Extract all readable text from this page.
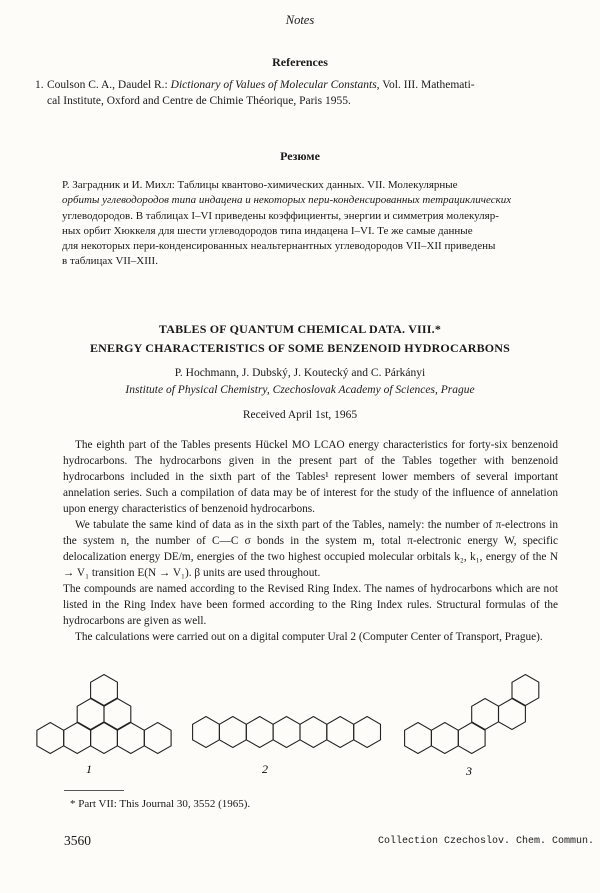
Notes
References
1. Coulson C. A., Daudel R.: Dictionary of Values of Molecular Constants, Vol. III. Mathemati-
cal Institute, Oxford and Centre de Chimie Théorique, Paris 1955.
Резюме
Р. Заградник и И. Михл: Таблицы квантово-химических данных. VII. Молекулярные
орбиты углеводородов типа индацена и некоторых пери-конденсированных тетрациклических
углеводородов. В таблицах I–VI приведены коэффициенты, энергии и симметрия молекуляр-
ных орбит Хюккеля для шести углеводородов типа индацена I–VI. Те же самые данные
для некоторых пери-конденсированных неальтернантных углеводородов VII–XII приведены
в таблицах VII–XIII.
TABLES OF QUANTUM CHEMICAL DATA. VIII.*
ENERGY CHARACTERISTICS OF SOME BENZENOID HYDROCARBONS
P. Hochmann, J. Dubský, J. Koutecký and C. Párkányi
Institute of Physical Chemistry, Czechoslovak Academy of Sciences, Prague
Received April 1st, 1965

The eighth part of the Tables presents Hückel MO LCAO energy characteristics for forty-six benzenoid hydrocarbons. The hydrocarbons given in the present part of the Tables together with benzenoid hydrocarbons included in the sixth part of the Tables¹ represent lower members of several important annelation series. Such a compilation of data may be of interest for the study of the influence of annelation upon energy characteristics of benzenoid hydrocarbons.

We tabulate the same kind of data as in the sixth part of the Tables, namely: the number of π-electrons in the system n, the number of C—C σ bonds in the system m, total π-electronic energy W, specific delocalization energy DE/m, energies of the two highest occupied molecular orbitals k₂, k₁, energy of the N → V₁ transition E(N → V₁). β units are used throughout.

The compounds are named according to the Revised Ring Index. The names of hydrocarbons which are not listed in the Ring Index have been formed according to the Ring Index rules. Structural formulas of the hydrocarbons are given as well.

The calculations were carried out on a digital computer Ural 2 (Computer Center of Transport, Prague).

1	2	3
* Part VII: This Journal 30, 3552 (1965).
3560	Collection Czechoslov. Chem. Commun.
